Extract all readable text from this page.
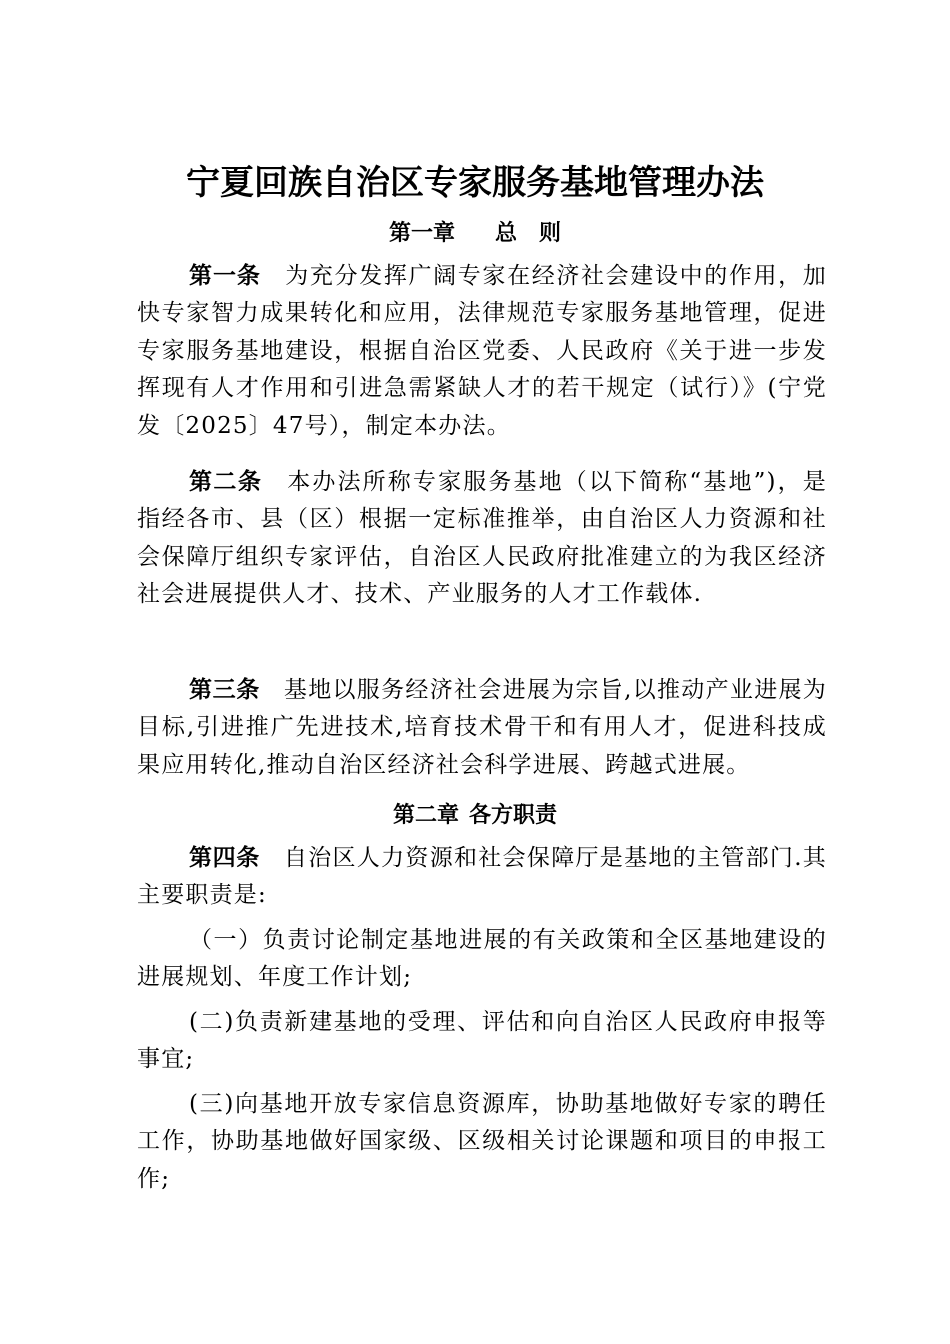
宁夏回族自治区专家服务基地管理办法
第一章 总 则

第一条 为充分发挥广阔专家在经济社会建设中的作用，加快专家智力成果转化和应用，法律规范专家服务基地管理，促进专家服务基地建设，根据自治区党委、人民政府《关于进一步发挥现有人才作用和引进急需紧缺人才的若干规定（试行）》(宁党发〔2025〕47号），制定本办法。

第二条 本办法所称专家服务基地（以下简称“基地”)，是指经各市、县（区）根据一定标准推举，由自治区人力资源和社会保障厅组织专家评估，自治区人民政府批准建立的为我区经济社会进展提供人才、技术、产业服务的人才工作载体.

第三条 基地以服务经济社会进展为宗旨,以推动产业进展为目标,引进推广先进技术,培育技术骨干和有用人才，促进科技成果应用转化,推动自治区经济社会科学进展、跨越式进展。

第二章 各方职责

第四条 自治区人力资源和社会保障厅是基地的主管部门.其主要职责是:

（一）负责讨论制定基地进展的有关政策和全区基地建设的进展规划、年度工作计划;

(二)负责新建基地的受理、评估和向自治区人民政府申报等事宜;

(三)向基地开放专家信息资源库，协助基地做好专家的聘任工作，协助基地做好国家级、区级相关讨论课题和项目的申报工作;
